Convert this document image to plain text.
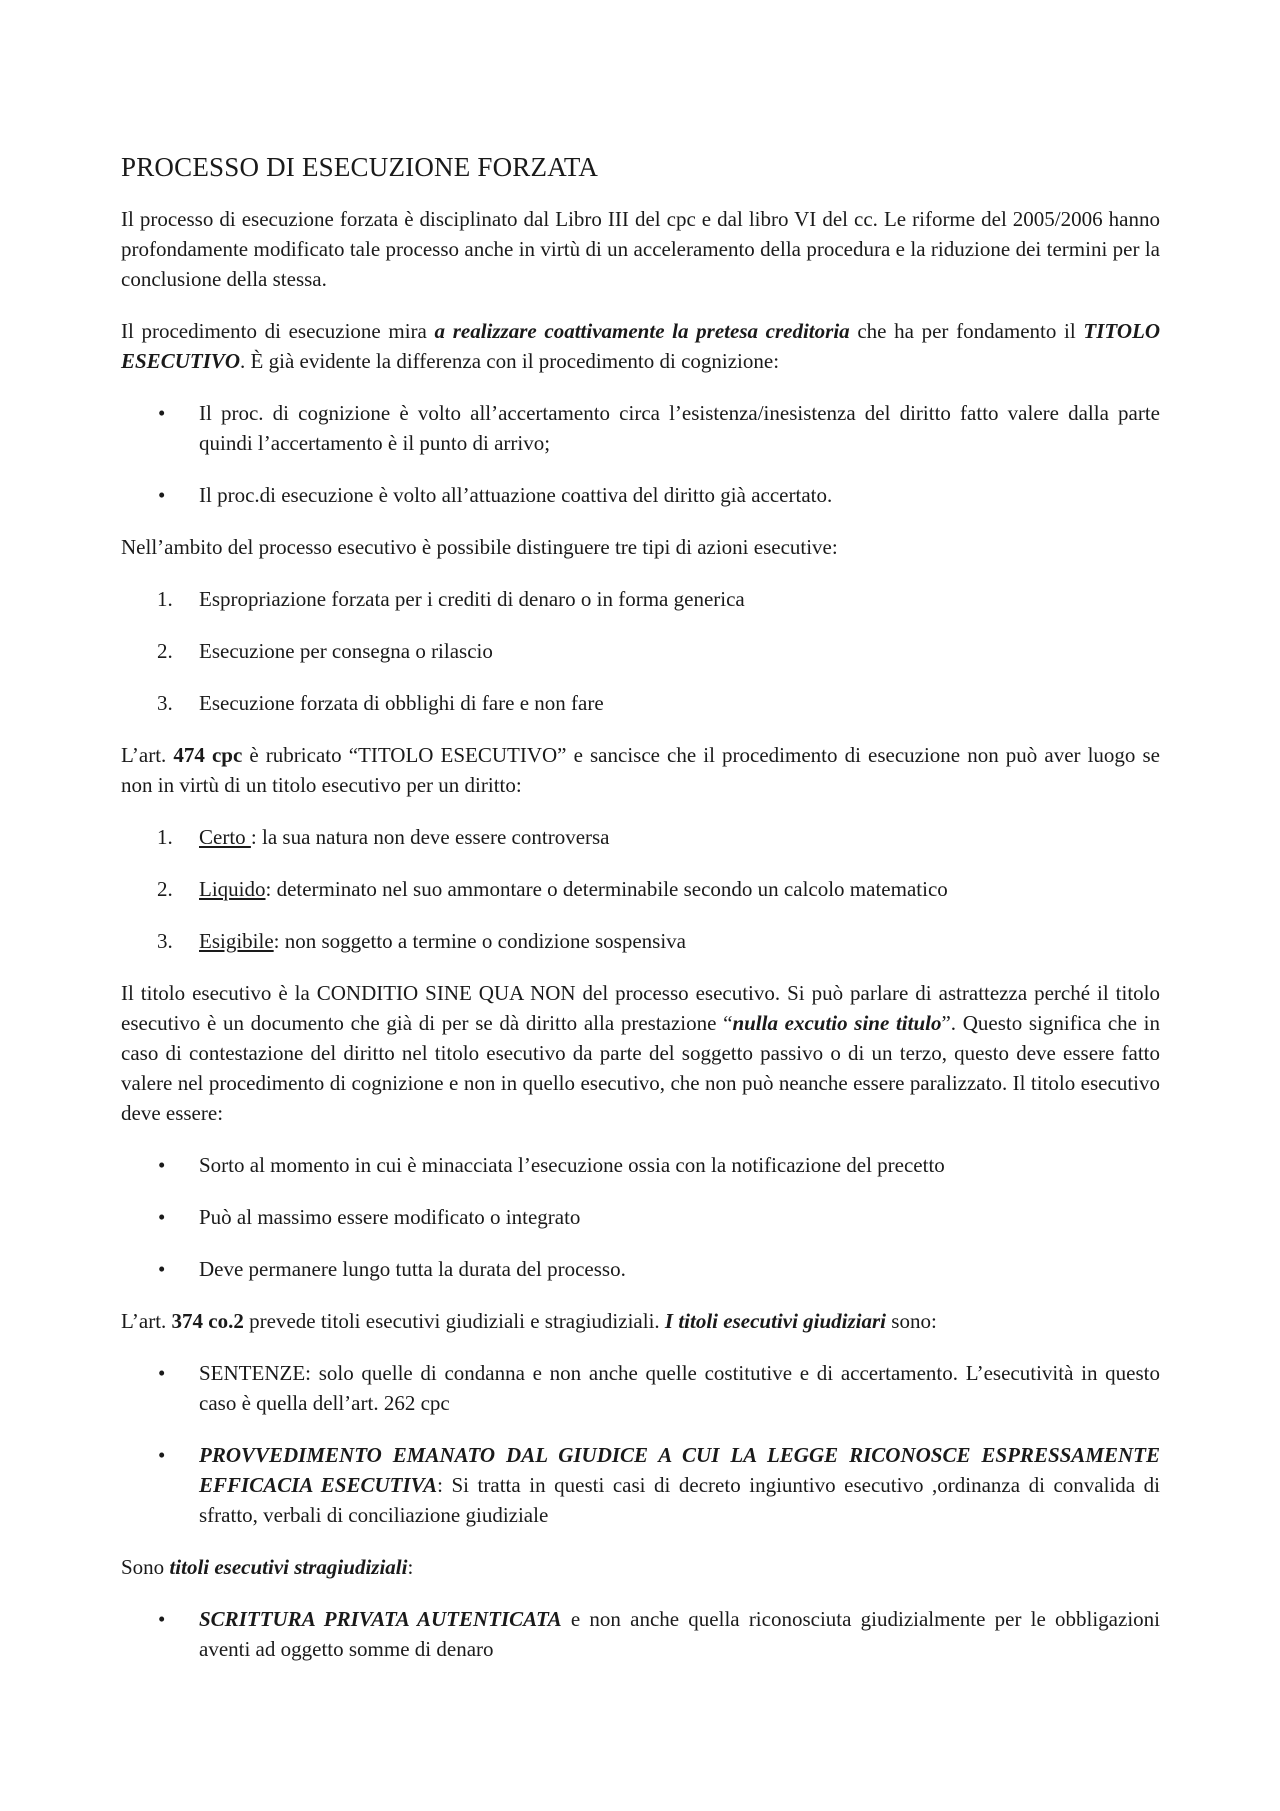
PROCESSO DI ESECUZIONE FORZATA

Il processo di esecuzione forzata è disciplinato dal Libro III del cpc e dal libro VI del cc. Le riforme del 2005/2006 hanno profondamente modificato tale processo anche in virtù di un acceleramento della procedura e la riduzione dei termini per la conclusione della stessa.

Il procedimento di esecuzione mira a realizzare coattivamente la pretesa creditoria che ha per fondamento il TITOLO ESECUTIVO. È già evidente la differenza con il procedimento di cognizione:

•	Il proc. di cognizione è volto all’accertamento circa l’esistenza/inesistenza del diritto fatto valere dalla parte quindi l’accertamento è il punto di arrivo;
•	Il proc.di esecuzione è volto all’attuazione coattiva del diritto già accertato.

Nell’ambito del processo esecutivo è possibile distinguere tre tipi di azioni esecutive:

1.	Espropriazione forzata per i crediti di denaro o in forma generica
2.	Esecuzione per consegna o rilascio
3.	Esecuzione forzata di obblighi di fare e non fare

L’art. 474 cpc è rubricato “TITOLO ESECUTIVO” e sancisce che il procedimento di esecuzione non può aver luogo se non in virtù di un titolo esecutivo per un diritto:

1.	Certo : la sua natura non deve essere controversa
2.	Liquido: determinato nel suo ammontare o determinabile secondo un calcolo matematico
3.	Esigibile: non soggetto a termine o condizione sospensiva

Il titolo esecutivo è la CONDITIO SINE QUA NON del processo esecutivo. Si può parlare di astrattezza perché il titolo esecutivo è un documento che già di per se dà diritto alla prestazione “nulla excutio sine titulo”. Questo significa che in caso di contestazione del diritto nel titolo esecutivo da parte del soggetto passivo o di un terzo, questo deve essere fatto valere nel procedimento di cognizione e non in quello esecutivo, che non può neanche essere paralizzato. Il titolo esecutivo deve essere:

•	Sorto al momento in cui è minacciata l’esecuzione ossia con la notificazione del precetto
•	Può al massimo essere modificato o integrato
•	Deve permanere lungo tutta la durata del processo.

L’art. 374 co.2 prevede titoli esecutivi giudiziali e stragiudiziali. I titoli esecutivi giudiziari sono:

•	SENTENZE: solo quelle di condanna e non anche quelle costitutive e di accertamento. L’esecutività in questo caso è quella dell’art. 262 cpc
•	PROVVEDIMENTO EMANATO DAL GIUDICE A CUI LA LEGGE RICONOSCE ESPRESSAMENTE EFFICACIA ESECUTIVA: Si tratta in questi casi di decreto ingiuntivo esecutivo ,ordinanza di convalida di sfratto, verbali di conciliazione giudiziale

Sono titoli esecutivi stragiudiziali:

•	SCRITTURA PRIVATA AUTENTICATA e non anche quella riconosciuta giudizialmente per le obbligazioni aventi ad oggetto somme di denaro
